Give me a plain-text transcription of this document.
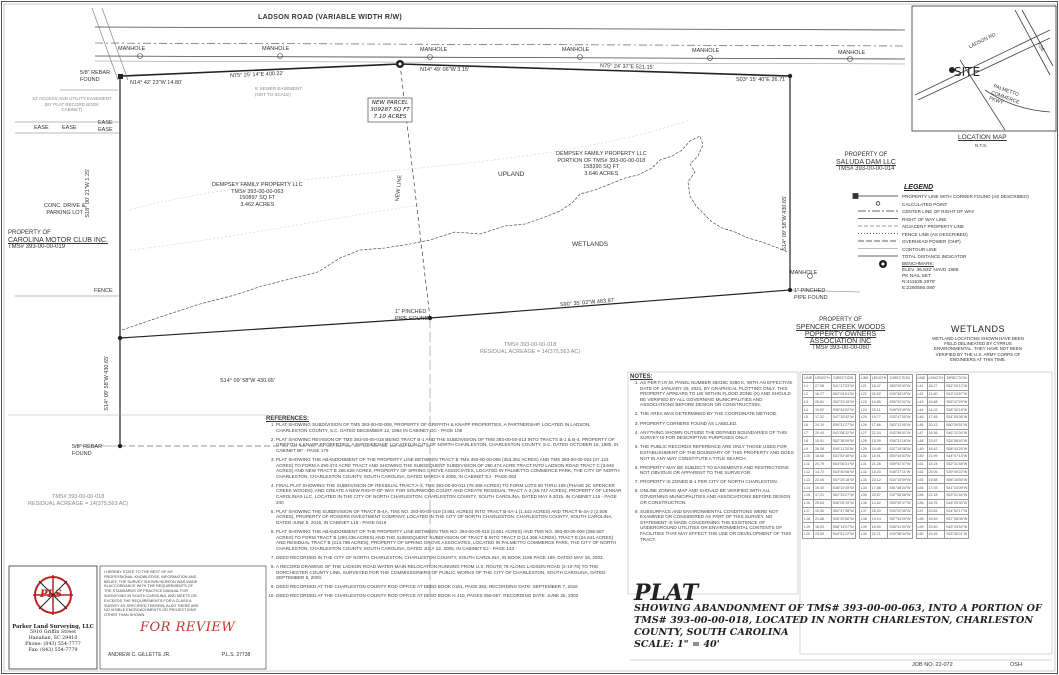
LADSON ROAD (VARIABLE WIDTH R/W)
MANHOLE	MANHOLE	MANHOLE	MANHOLE	MANHOLE	MANHOLE
N14° 42' 23"W 14.80'
N75° 25' 14"E 400.22'
N14° 49' 06"W 3.15'	N75° 24' 37"E 521.15'
S03° 15' 40"E 26.71'
S90° 35' 02"W 463.87'
S14° 09' 58"W 430.65'
S18° 00' 21"W 1.25'
S14° 09' 58"W 430.65'
S14° 09' 58"W 430.65'
NEW LINE
NEW PARCEL
309287 SQ FT
7.10 ACRES
DEMPSEY FAMILY PROPERTY LLC
TMS# 393-00-00-063
150897 SQ FT
3.462 ACRES
DEMPSEY FAMILY PROPERTY LLC
PORTION OF TMS# 393-00-00-018
158390 SQ FT
3.646 ACRES
UPLAND
WETLANDS
PROPERTY OF
SALUDA DAM LLC
TMS# 393-00-00-014
PROPERTY OF
CAROLINA MOTOR CLUB INC.
TMS# 393-00-00-019
PROPERTY OF
SPENCER CREEK WOODS
POPPERTY OWNERS
ASSOCIATION INC
TMS# 393-00-00-060
TMS# 393-00-00-018
RESIDUAL ACREAGE = 14(375,563 AC)
TMS# 393-00-00-018
RESIDUAL ACREAGE = 14(375,563 AC)
5/8" REBAR
FOUND
5/8" REBAR
FOUND
1" PINCHED
PIPE FOUND
1" PINCHED
PIPE FOUND
CONC. DRIVE &
PARKING LOT
FENCE
MANHOLE
EASE EASE
EASE
EASE
10' ACCESS AND UTILITY EASEMENT
(BY PLAT RECORD BOOK
CABINET)
5' SEWER EASEMENT
(NOT TO SCALE)
SITE
LADSON RD
PALMETTO COMMERCE PKWY
I-26
LOCATION MAP
N.T.S.
LEGEND
PROPERTY LINE WITH CORNER FOUND (AS DESCRIBED)
CALCULATED POINT
CENTER LINE OF RIGHT OF WAY
RIGHT OF WAY LINE
ADJACENT PROPERTY LINE
FENCE LINE (AS DESCRIBED)
OVERHEAD POWER (OHP)
CONTOUR LINE
TOTAL DISTANCE INDICATOR
BENCHMARK:
ELEV. 36.832' NAVD 1988
PK NAIL SET
N:411535.2970'
E:2260566.080'
WETLANDS
WETLAND LOCATIONS SHOWN HAVE BEEN FIELD DELINEATED BY CYPRUS ENVIRONMENTAL. THEY HAVE NOT BEEN VERIFIED BY THE U.S. ARMY CORPS OF ENGINEERS AT THIS TIME.
REFERENCES:
1. PLAT SHOWING SUBDIVISION OF TMS 393-00-00-008, PROPERTY OF GRIFFITH & KNAPP PROPERTIES, A PARTNERSHIP, LOCATED IN LADSON, CHARLESTON COUNTY, S.C. DATED DECEMBER 12, 1984 IN CABINET DC - PAGE 108
2. PLAT SHOWING REVISION OF TMS 393-00-00-018 BEING TRACT B-1 AND THE SUBDIVISION OF TMS 393-00-00-013 INTO TRACTS B-1 & B-4, PROPERTY OF GRIFFITH & KNAPP PROPERTIES, A PARTNERSHIP, LOCATED IN CITY OF NORTH CHARLESTON, CHARLESTON COUNTY, S.C. DATED OCTOBER 18, 1985, IN CABINET BF - PAGE 179
3. PLAT SHOWING THE ABANDONMENT OF THE PROPERTY LINE BETWEEN TRACT B TMS 393-00-00-006 (353.351 ACRES) AND TMS 393-00-00-024 (37.123 ACRES) TO FORM A 290.474 ACRE TRACT AND SHOWING THE SUBSEQUENT SUBDIVISION OF 290.474 ACRE TRACT INTO LADSON ROAD TRACT C (3.646 ACRES) AND NEW TRACT B 286.828 ACRES, PROPERTY OF SPRING GROVE ASSOCIATES, LOCATED IN PALMETTO COMMERCE PARK, THE CITY OF NORTH CHARLESTON, CHARLESTON COUNTY, SOUTH CAROLINA, DATED MARCH 8 2005, IN CABINET EJ - PAGE 063
4. FINAL PLAT SHOWING THE SUBDIVISION OF RESIDUAL TRACT A-3, TMS 393-00-00-011 (78.308 ACRES) TO FORM LOTS 60 THRU 105 (PHASE 2C SPENCER CREEK WOODS), AND CREATE A NEW RIGHT-OF-WAY FOR SOURWOOD COURT AND CREATE RESIDUAL TRACT A-3 (26.747 ACRES), PROPERTY OF LENNAR CAROLINAS LLC, LOCATED IN THE CITY OF NORTH CHARLESTON, CHARLESTON COUNTY, SOUTH CAROLINA, DATED MAY 6 2015, IN CABINET L15 - PAGE 240
5. PLAT SHOWING THE SUBDIVISION OF TRACT B-4A, TMS NO. 393-00-00-019 (3.951 ACRES) INTO TRACT B-4A-1 (1.442 ACRES) AND TRACT B-4A-2 (2.508 ACRES), PROPERTY OF ROGERS INVESTMENT COMPANY, LOCATED IN THE CITY OF NORTH CHARLESTON, CHARLESTON COUNTY, SOUTH CAROLINA, DATED JUNE 6, 2016, IN CABINET L16 - PAGE 0416
6. PLAT SHOWING THE ABANDONMENT OF THE PROPERTY LINE BETWEEN TMS NO. 393-00-00-018 (3.651 ACRES) AND TMS NO. 393-00-00-008 (286.587 ACRES) TO FORM TRACT B (290.238 ACRES) AND THE SUBSEQUENT SUBDIVISION OF TRACT B INTO TRACT D (14.368 ACRES), TRACT E (24.641 ACRES) AND RESIDUAL TRACT B (213.798 ACRES), PROPERTY OF SPRING GROVE ASSOCIATES, LOCATED IN PALMETTO COMMERCE PARK, THE CITY OF NORTH CHARLESTON, CHARLESTON COUNTY, SOUTH CAROLINA, DATED JULY 22, 2005, IN CABINET EJ - PAGE 133
7. DEED RECORDED IN THE CITY OF NORTH CHARLESTON, CHARLESTON COUNTY, SOUTH CAROLINA, IN BOOK 1195 PAGE 169, DATED MAY 16, 2003.
8. A RECORD DRAWING OF THE LADSON ROAD WATER MAIN RELOCATION RUNNING FROM U.S. ROUTE 78 ALONG LADSON ROAD (2-10-76) TO THE DORCHESTER COUNTY LINE, SURVEYED FOR THE COMMISSIONERS OF PUBLIC WORKS OF THE CITY OF CHARLESTON, SOUTH CAROLINA, DATED SEPTEMBER 8, 2003.
9. DEED RECORDED AT THE CHARLESTON COUNTY ROD OFFICE AT DEED BOOK 0161, PAGE 353, RECORDING DATE: SEPTEMBER 7, 2016
10. DEED RECORDED AT THE CHARLESTON COUNTY ROD OFFICE AT DEED BOOK H 410, PAGES 059-067, RECORDING DATE: JUNE 25, 2002
NOTES:
1. AS PER F.I.R.M. PANEL NUMBER 45019C 0380 K, WITH AN EFFECTIVE DATE OF JANUARY 29, 2021, BY GRAPHICAL PLOTTING ONLY, THIS PROPERTY APPEARS TO LIE WITHIN FLOOD ZONE (X) AND SHOULD BE VERIFIED BY ALL GOVERNING MUNICIPALITIES AND ASSOCIATIONS BEFORE DESIGN OR CONSTRUCTION.
2. THE AREA WAS DETERMINED BY THE COORDINATE METHOD.
3. PROPERTY CORNERS FOUND AS LABELED.
4. ANYTHING SHOWN OUTSIDE THE DEFINED BOUNDARIES OF THIS SURVEY IS FOR DESCRIPTIVE PURPOSES ONLY.
5. THE PUBLIC RECORDS REFERENCE ARE ONLY THOSE USED FOR ESTABLISHMENT OF THE BOUNDARY OF THIS PROPERTY AND DOES NOT IN ANY WAY CONSTITUTE A TITLE SEARCH.
6. PROPERTY MAY BE SUBJECT TO EASEMENTS AND RESTRICTIONS NOT OBVIOUS OR APPARENT TO THE SURVEYOR.
7. PROPERTY IS ZONED B-1 PER CITY OF NORTH CHARLESTON.
8. ONLINE ZONING MAP AND SHOULD BE VERIFIED WITH ALL GOVERNING MUNICIPALITIES AND ASSOCIATIONS BEFORE DESIGN OR CONSTRUCTION.
9. SUBSURFACE AND ENVIRONMENTAL CONDITIONS WERE NOT EXAMINED OR CONSIDERED AS PART OF THIS SURVEY. NO STATEMENT IS MADE CONCERNING THE EXISTENCE OF UNDERGROUND UTILITIES OR ENVIRONMENTAL CONTENTS OF FACILITIES THAT MAY EFFECT THE USE OR DEVELOPMENT OF THIS TRACT.
LINE	LENGTH	DIRECTION
L1	27.98	S41°17'33"W
L2	16.77	S62°04'51"W
L3	29.81	S52°23'15"W
L4	19.52	S36°44'02"W
L5	17.32	S47°15'42"W
L6	24.10	S59°31'27"W
L7	20.44	S41°08'12"W
L8	15.91	S62°38'09"W
L9	26.38	S49°11'20"W
L10	18.66	S31°52'48"W
L11	24.79	S54°06'31"W
L12	14.72	S43°40'06"W
L13	22.06	S57°25'18"W
L14	19.40	S38°10'45"W
L15	17.21	S61°33'27"W
L16	25.64	S46°02'19"W
L17	15.30	S52°47'38"W
L18	21.88	S35°29'56"W
L19	18.03	S58°14'07"W
L20	23.59	S44°51'22"W
LINE	LENGTH	DIRECTION
L21	16.47	S60°09'43"W
L22	20.92	S39°36'15"W
L23	14.85	S55°20'02"W
L24	26.11	S48°03'49"W
L25	19.77	S33°47'30"W
L26	17.66	S63°12'05"W
L27	22.34	S42°58'41"W
L28	15.09	S56°31'16"W
L29	24.45	S37°19'28"W
L30	18.91	S50°44'53"W
L31	21.26	S59°02'37"W
L32	16.03	S45°27'11"W
L33	23.12	S34°15'59"W
L34	17.88	S61°48'24"W
L35	20.57	S47°36'08"W
L36	14.62	S53°09'47"W
L37	25.33	S40°22'35"W
L38	19.14	S57°54'20"W
L39	16.90	S36°41'03"W
L40	22.71	S49°58'44"W
LINE	LENGTH	DIRECTION
L41	18.27	S62°26'12"W
L42	21.50	S43°13'57"W
L43	15.68	S55°47'29"W
L44	24.02	S38°30'18"W
L45	17.45	S51°05'36"W
L46	20.13	S60°39'51"W
L47	16.36	S46°12'04"W
L48	23.87	S35°58'40"W
L49	18.42	S58°43'25"W
L50	21.99	S44°07'13"W
L51	15.24	S52°31'48"W
L52	25.06	S39°49'22"W
L53	19.58	S56°16'55"W
L54	17.03	S41°34'09"W
L55	22.18	S63°01'44"W
L56	18.75	S48°25'30"W
L57	20.81	S34°52'17"W
L58	16.59	S57°08'06"W
L59	23.40	S45°43'52"W
L60	19.26	S53°36'21"W
PLAT
SHOWING ABANDONMENT OF TMS# 393-00-00-063, INTO A PORTION OF
TMS# 393-00-00-018, LOCATED IN NORTH CHARLESTON, CHARLESTON
COUNTY, SOUTH CAROLINA
SCALE: 1" = 40'
JOB NO. 22-072	OSH
PLS
Parker Land Surveying, LLC
5910 Griffin Street
Hanahan, SC 29410
Phone: (843) 554-7777
Fax: (843) 554-7779
I HEREBY STATE TO THE BEST OF MY PROFESSIONAL KNOWLEDGE, INFORMATION AND BELIEF, THE SURVEY SHOWN HEREON WAS MADE IN ACCORDANCE WITH THE REQUIREMENTS OF THE STANDARDS OF PRACTICE MANUAL FOR SURVEYING IN SOUTH CAROLINA, AND MEETS OR EXCEEDS THE REQUIREMENTS FOR A CLASS A SURVEY AS SPECIFIED THEREIN; ALSO THERE ARE NO VISIBLE ENCROACHMENTS OR PROJECTIONS OTHER THAN SHOWN.
FOR REVIEW
ANDREW C. GILLETTE JR.	P.L.S. 27738
